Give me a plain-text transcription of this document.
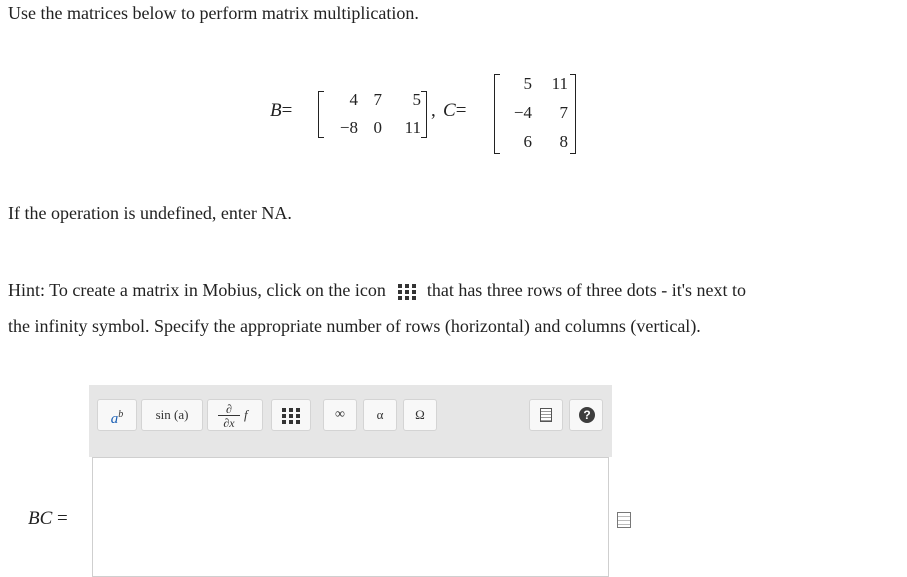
Use the matrices below to perform matrix multiplication.
B=
4 7	5
−8 0	11
, C=
5	11
−4	7
6	8
If the operation is undefined, enter NA.
Hint: To create a matrix in Mobius, click on the icon that has three rows of three dots - it's next to
the infinity symbol. Specify the appropriate number of rows (horizontal) and columns (vertical).
$a^b$	sin (a)	∂
∂x
f	∞	α	Ω	?
BC =
